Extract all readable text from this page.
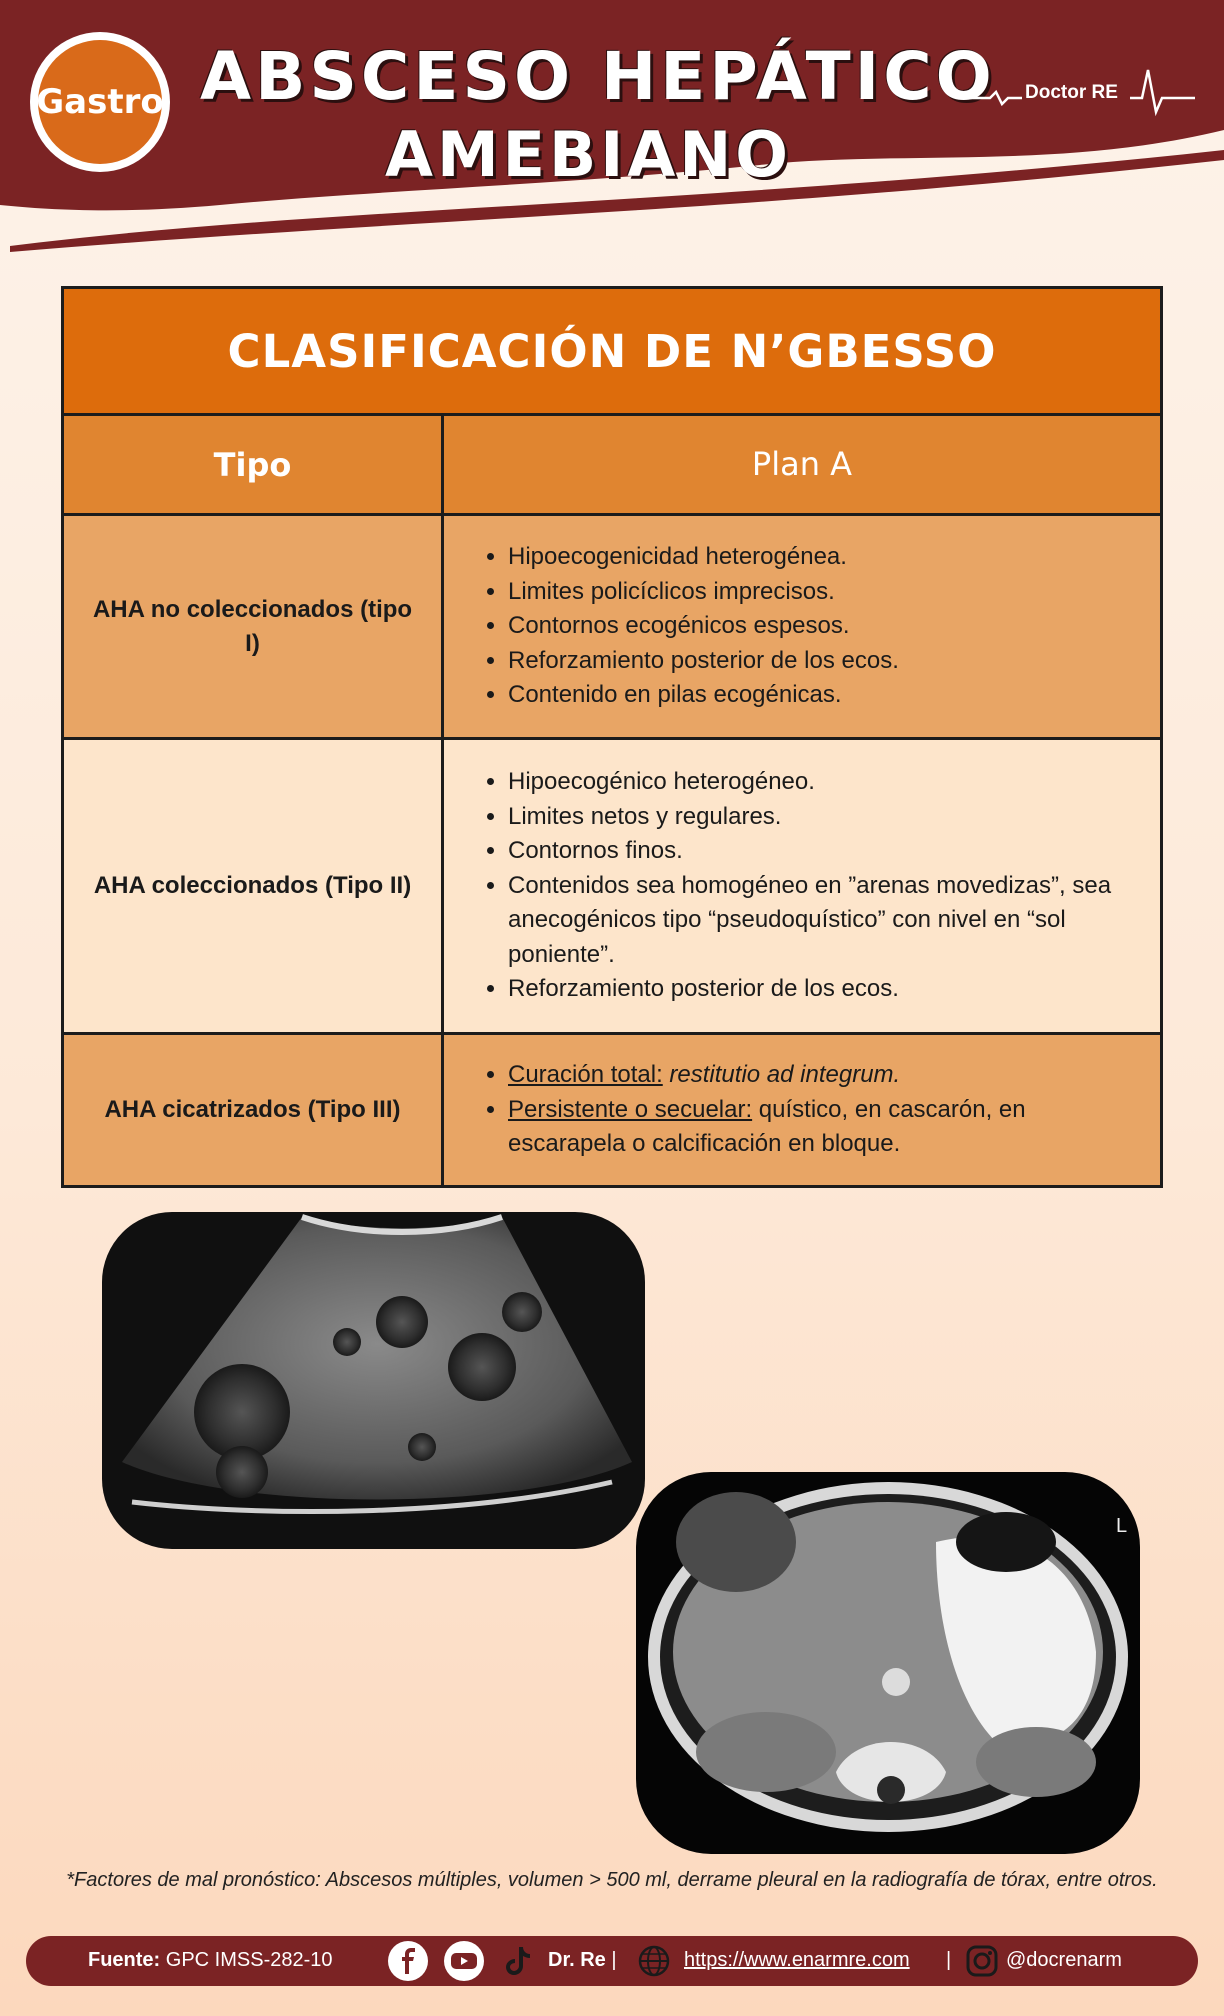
Gastro ABSCESO HEPÁTICO
AMEBIANO
Doctor RE
CLASIFICACIÓN DE N’GBESSO
Tipo	Plan A
AHA no coleccionados (tipo I)
• Hipoecogenicidad heterogénea.
• Limites policíclicos imprecisos.
• Contornos ecogénicos espesos.
• Reforzamiento posterior de los ecos.
• Contenido en pilas ecogénicas.
AHA coleccionados (Tipo II)
• Hipoecogénico heterogéneo.
• Limites netos y regulares.
• Contornos finos.
• Contenidos sea homogéneo en ”arenas movedizas”, sea anecogénicos tipo “pseudoquístico” con nivel en “sol poniente”.
• Reforzamiento posterior de los ecos.
AHA cicatrizados (Tipo III)
• Curación total: restitutio ad integrum.
• Persistente o secuelar: quístico, en cascarón, en escarapela o calcificación en bloque.
L
*Factores de mal pronóstico: Abscesos múltiples, volumen > 500 ml, derrame pleural en la radiografía de tórax, entre otros.
Fuente: GPC IMSS-282-10	Dr. Re |	https://www.enarmre.com |	@docrenarm
